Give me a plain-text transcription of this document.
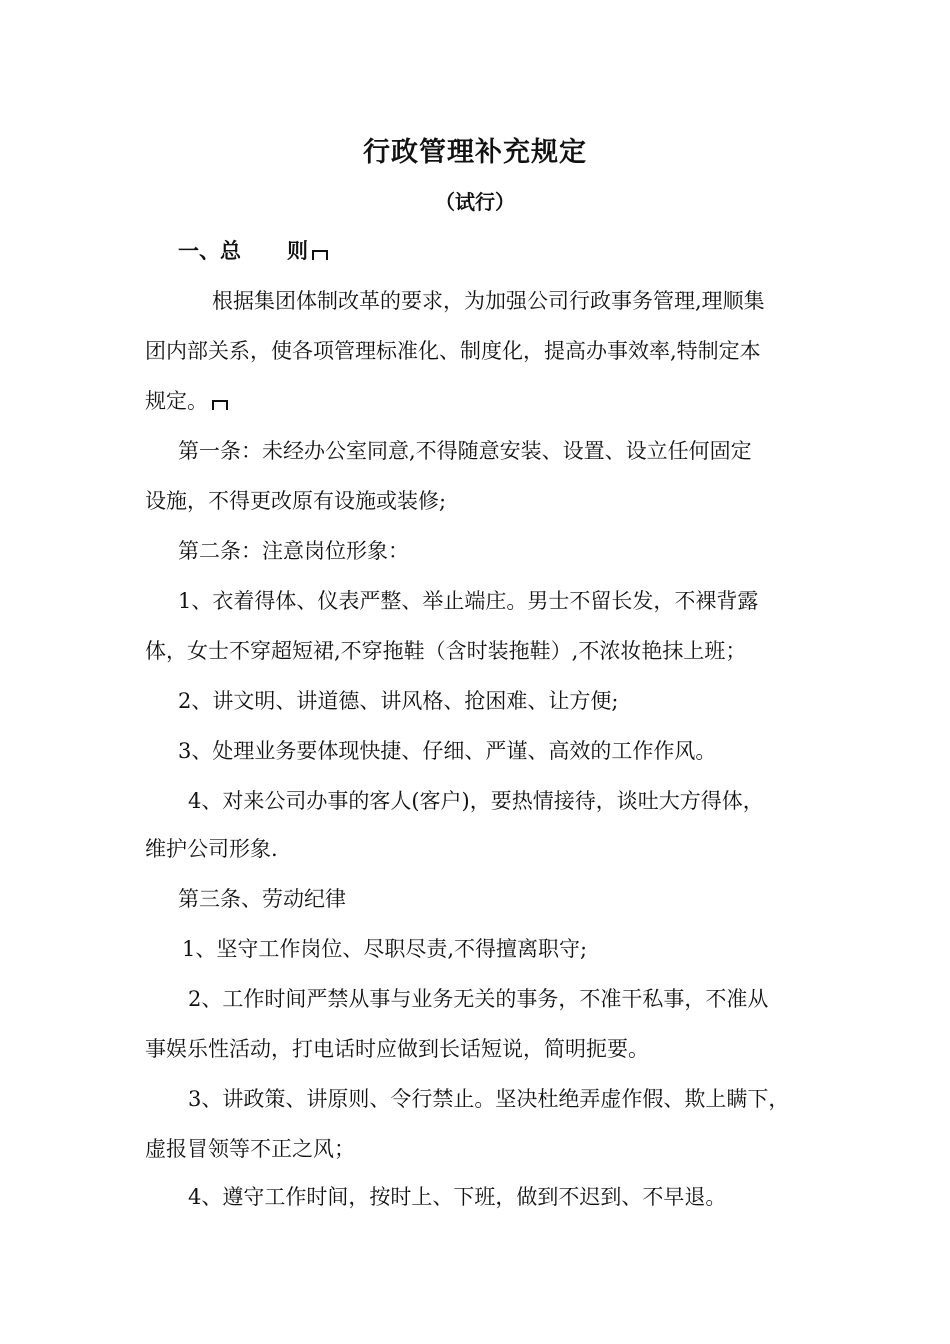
行政管理补充规定
（试行）
一、总 则
根据集团体制改革的要求，为加强公司行政事务管理,理顺集
团内部关系，使各项管理标准化、制度化，提高办事效率,特制定本
规定。
第一条：未经办公室同意,不得随意安装、设置、设立任何固定
设施，不得更改原有设施或装修;
第二条：注意岗位形象：
1、衣着得体、仪表严整、举止端庄。男士不留长发，不裸背露
体，女士不穿超短裙,不穿拖鞋（含时装拖鞋）,不浓妆艳抹上班；
2、讲文明、讲道德、讲风格、抢困难、让方便;
3、处理业务要体现快捷、仔细、严谨、高效的工作作风。
4、对来公司办事的客人(客户)，要热情接待，谈吐大方得体，
维护公司形象.
第三条、劳动纪律
1、坚守工作岗位、尽职尽责,不得擅离职守;
2、工作时间严禁从事与业务无关的事务，不准干私事，不准从
事娱乐性活动，打电话时应做到长话短说，简明扼要。
3、讲政策、讲原则、令行禁止。坚决杜绝弄虚作假、欺上瞒下，
虚报冒领等不正之风；
4、遵守工作时间，按时上、下班，做到不迟到、不早退。
